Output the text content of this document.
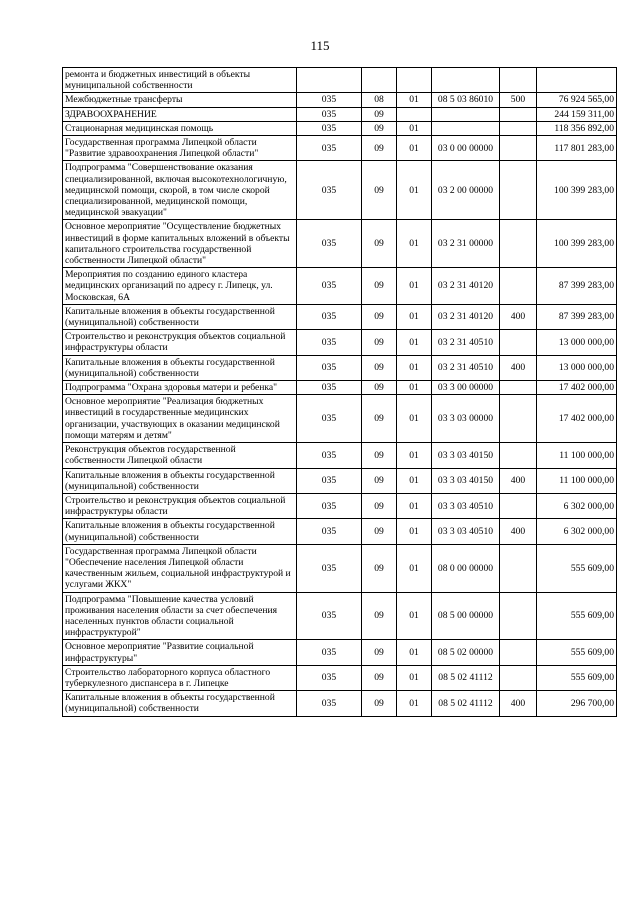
115
ремонта и бюджетных инвестиций в объекты муниципальной собственности						
Межбюджетные трансферты	035	08	01	08 5 03 86010	500	76 924 565,00
ЗДРАВООХРАНЕНИЕ	035	09				244 159 311,00
Стационарная медицинская помощь	035	09	01			118 356 892,00
Государственная программа Липецкой области "Развитие здравоохранения Липецкой области"	035	09	01	03 0 00 00000		117 801 283,00
Подпрограмма "Совершенствование оказания специализированной, включая высокотехнологичную, медицинской помощи, скорой, в том числе скорой специализированной, медицинской помощи, медицинской эвакуации"	035	09	01	03 2 00 00000		100 399 283,00
Основное мероприятие "Осуществление бюджетных инвестиций в форме капитальных вложений в объекты капитального строительства государственной собственности Липецкой области"	035	09	01	03 2 31 00000		100 399 283,00
Мероприятия по созданию единого кластера медицинских организаций по адресу г. Липецк, ул. Московская, 6А	035	09	01	03 2 31 40120		87 399 283,00
Капитальные вложения в объекты государственной (муниципальной) собственности	035	09	01	03 2 31 40120	400	87 399 283,00
Строительство и реконструкция объектов социальной инфраструктуры области	035	09	01	03 2 31 40510		13 000 000,00
Капитальные вложения в объекты государственной (муниципальной) собственности	035	09	01	03 2 31 40510	400	13 000 000,00
Подпрограмма "Охрана здоровья матери и ребенка"	035	09	01	03 3 00 00000		17 402 000,00
Основное мероприятие "Реализация бюджетных инвестиций в государственные медицинских организации, участвующих в оказании медицинской помощи матерям и детям"	035	09	01	03 3 03 00000		17 402 000,00
Реконструкция объектов государственной собственности Липецкой области	035	09	01	03 3 03 40150		11 100 000,00
Капитальные вложения в объекты государственной (муниципальной) собственности	035	09	01	03 3 03 40150	400	11 100 000,00
Строительство и реконструкция объектов социальной инфраструктуры области	035	09	01	03 3 03 40510		6 302 000,00
Капитальные вложения в объекты государственной (муниципальной) собственности	035	09	01	03 3 03 40510	400	6 302 000,00
Государственная программа Липецкой области "Обеспечение населения Липецкой области качественным жильем, социальной инфраструктурой и услугами ЖКХ"	035	09	01	08 0 00 00000		555 609,00
Подпрограмма "Повышение качества условий проживания населения области за счет обеспечения населенных пунктов области социальной инфраструктурой"	035	09	01	08 5 00 00000		555 609,00
Основное мероприятие "Развитие социальной инфраструктуры"	035	09	01	08 5 02 00000		555 609,00
Строительство лабораторного корпуса областного туберкулезного диспансера в г. Липецке	035	09	01	08 5 02 41112		555 609,00
Капитальные вложения в объекты государственной (муниципальной) собственности	035	09	01	08 5 02 41112	400	296 700,00
